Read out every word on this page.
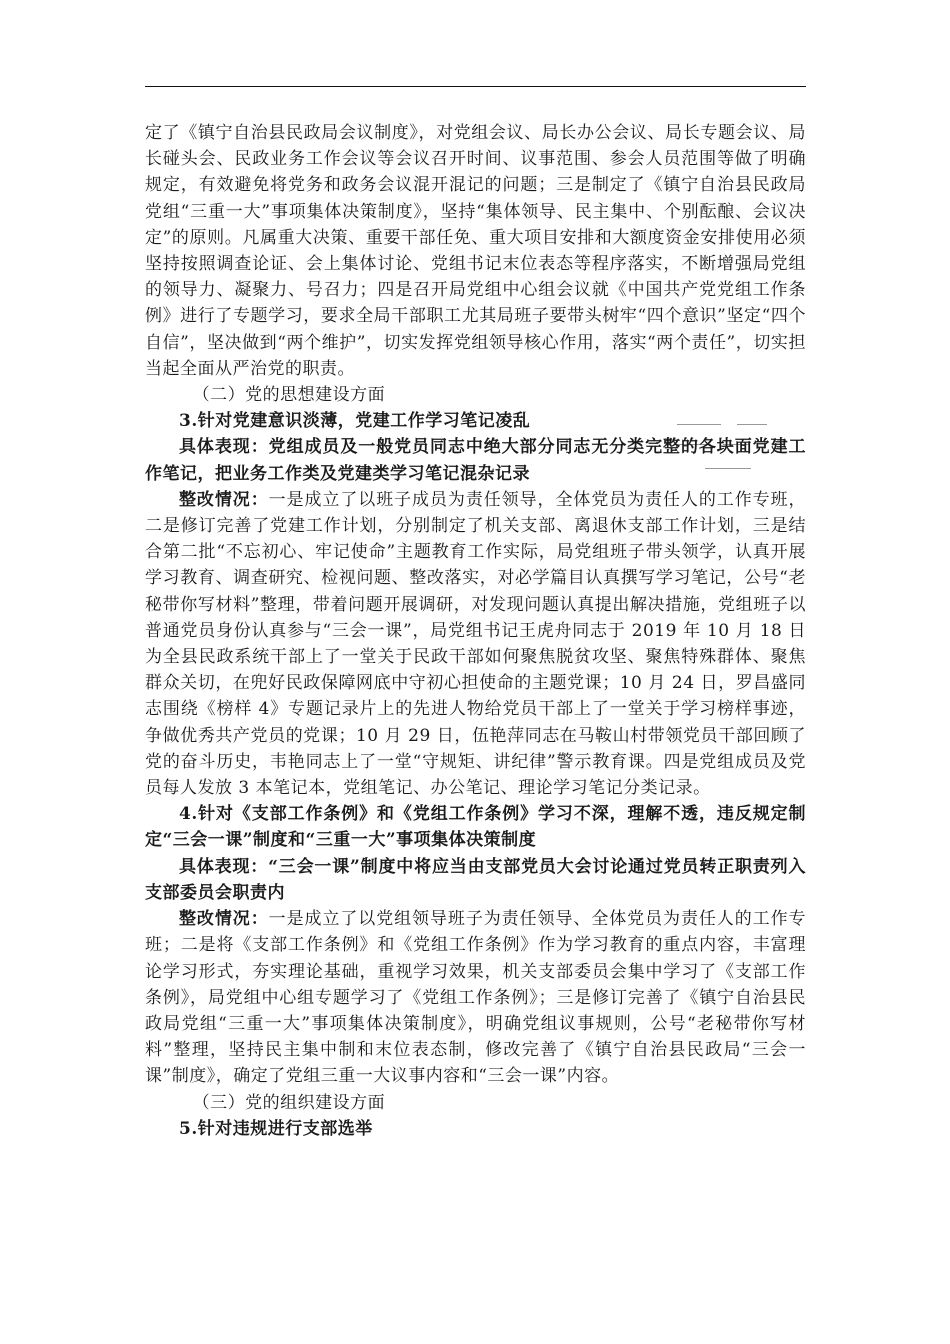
定了《镇宁自治县民政局会议制度》，对党组会议、局长办公会议、局长专题会议、局长碰头会、民政业务工作会议等会议召开时间、议事范围、参会人员范围等做了明确规定，有效避免将党务和政务会议混开混记的问题；三是制定了《镇宁自治县民政局党组“三重一大”事项集体决策制度》，坚持“集体领导、民主集中、个别酝酿、会议决定”的原则。凡属重大决策、重要干部任免、重大项目安排和大额度资金安排使用必须坚持按照调查论证、会上集体讨论、党组书记末位表态等程序落实，不断增强局党组的领导力、凝聚力、号召力；四是召开局党组中心组会议就《中国共产党党组工作条例》进行了专题学习，要求全局干部职工尤其局班子要带头树牢“四个意识”坚定“四个自信”，坚决做到“两个维护”，切实发挥党组领导核心作用，落实“两个责任”，切实担当起全面从严治党的职责。

（二）党的思想建设方面

3.针对党建意识淡薄，党建工作学习笔记凌乱

具体表现：党组成员及一般党员同志中绝大部分同志无分类完整的各块面党建工作笔记，把业务工作类及党建类学习笔记混杂记录

整改情况：一是成立了以班子成员为责任领导，全体党员为责任人的工作专班，二是修订完善了党建工作计划，分别制定了机关支部、离退休支部工作计划，三是结合第二批“不忘初心、牢记使命”主题教育工作实际，局党组班子带头领学，认真开展学习教育、调查研究、检视问题、整改落实，对必学篇目认真撰写学习笔记，公号“老秘带你写材料”整理，带着问题开展调研，对发现问题认真提出解决措施，党组班子以普通党员身份认真参与“三会一课”，局党组书记王虎舟同志于 2019 年 10 月 18 日为全县民政系统干部上了一堂关于民政干部如何聚焦脱贫攻坚、聚焦特殊群体、聚焦群众关切，在兜好民政保障网底中守初心担使命的主题党课；10 月 24 日，罗昌盛同志围绕《榜样 4》专题记录片上的先进人物给党员干部上了一堂关于学习榜样事迹，争做优秀共产党员的党课；10 月 29 日，伍艳萍同志在马鞍山村带领党员干部回顾了党的奋斗历史，韦艳同志上了一堂“守规矩、讲纪律”警示教育课。四是党组成员及党员每人发放 3 本笔记本，党组笔记、办公笔记、理论学习笔记分类记录。

4.针对《支部工作条例》和《党组工作条例》学习不深，理解不透，违反规定制定“三会一课”制度和“三重一大”事项集体决策制度

具体表现：“三会一课”制度中将应当由支部党员大会讨论通过党员转正职责列入支部委员会职责内

整改情况：一是成立了以党组领导班子为责任领导、全体党员为责任人的工作专班；二是将《支部工作条例》和《党组工作条例》作为学习教育的重点内容，丰富理论学习形式，夯实理论基础，重视学习效果，机关支部委员会集中学习了《支部工作条例》，局党组中心组专题学习了《党组工作条例》；三是修订完善了《镇宁自治县民政局党组“三重一大”事项集体决策制度》，明确党组议事规则，公号“老秘带你写材料”整理，坚持民主集中制和末位表态制，修改完善了《镇宁自治县民政局“三会一课”制度》，确定了党组三重一大议事内容和“三会一课”内容。

（三）党的组织建设方面

5.针对违规进行支部选举
